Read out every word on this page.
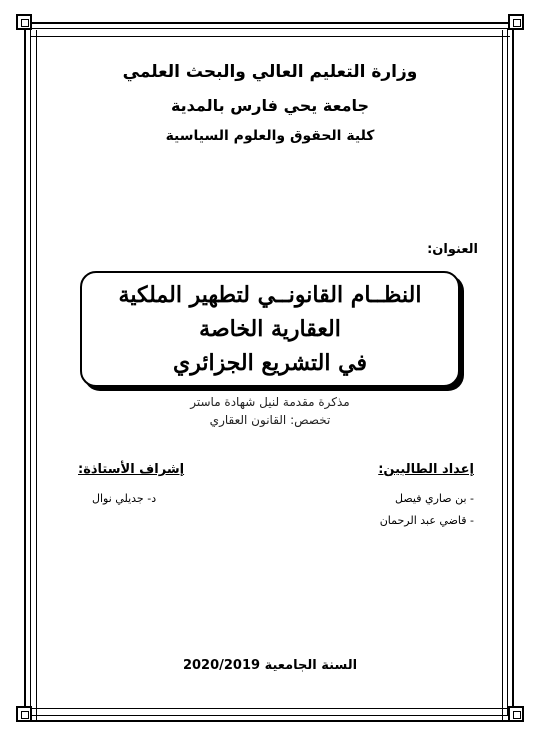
وزارة التعليم العالي والبحث العلمي
جامعة يحي فارس بالمدية
كلية الحقوق والعلوم السياسية
العنوان:
النظــام القانونــي لتطهير الملكية العقارية الخاصة
في التشريع الجزائري
مذكرة مقدمة لنيل شهادة ماستر
تخصص: القانون العقاري
إعداد الطالبين:
- بن صاري فيصل
- قاضي عبد الرحمان
إشراف الأستاذة:
د- جديلي نوال
السنة الجامعية 2020/2019
